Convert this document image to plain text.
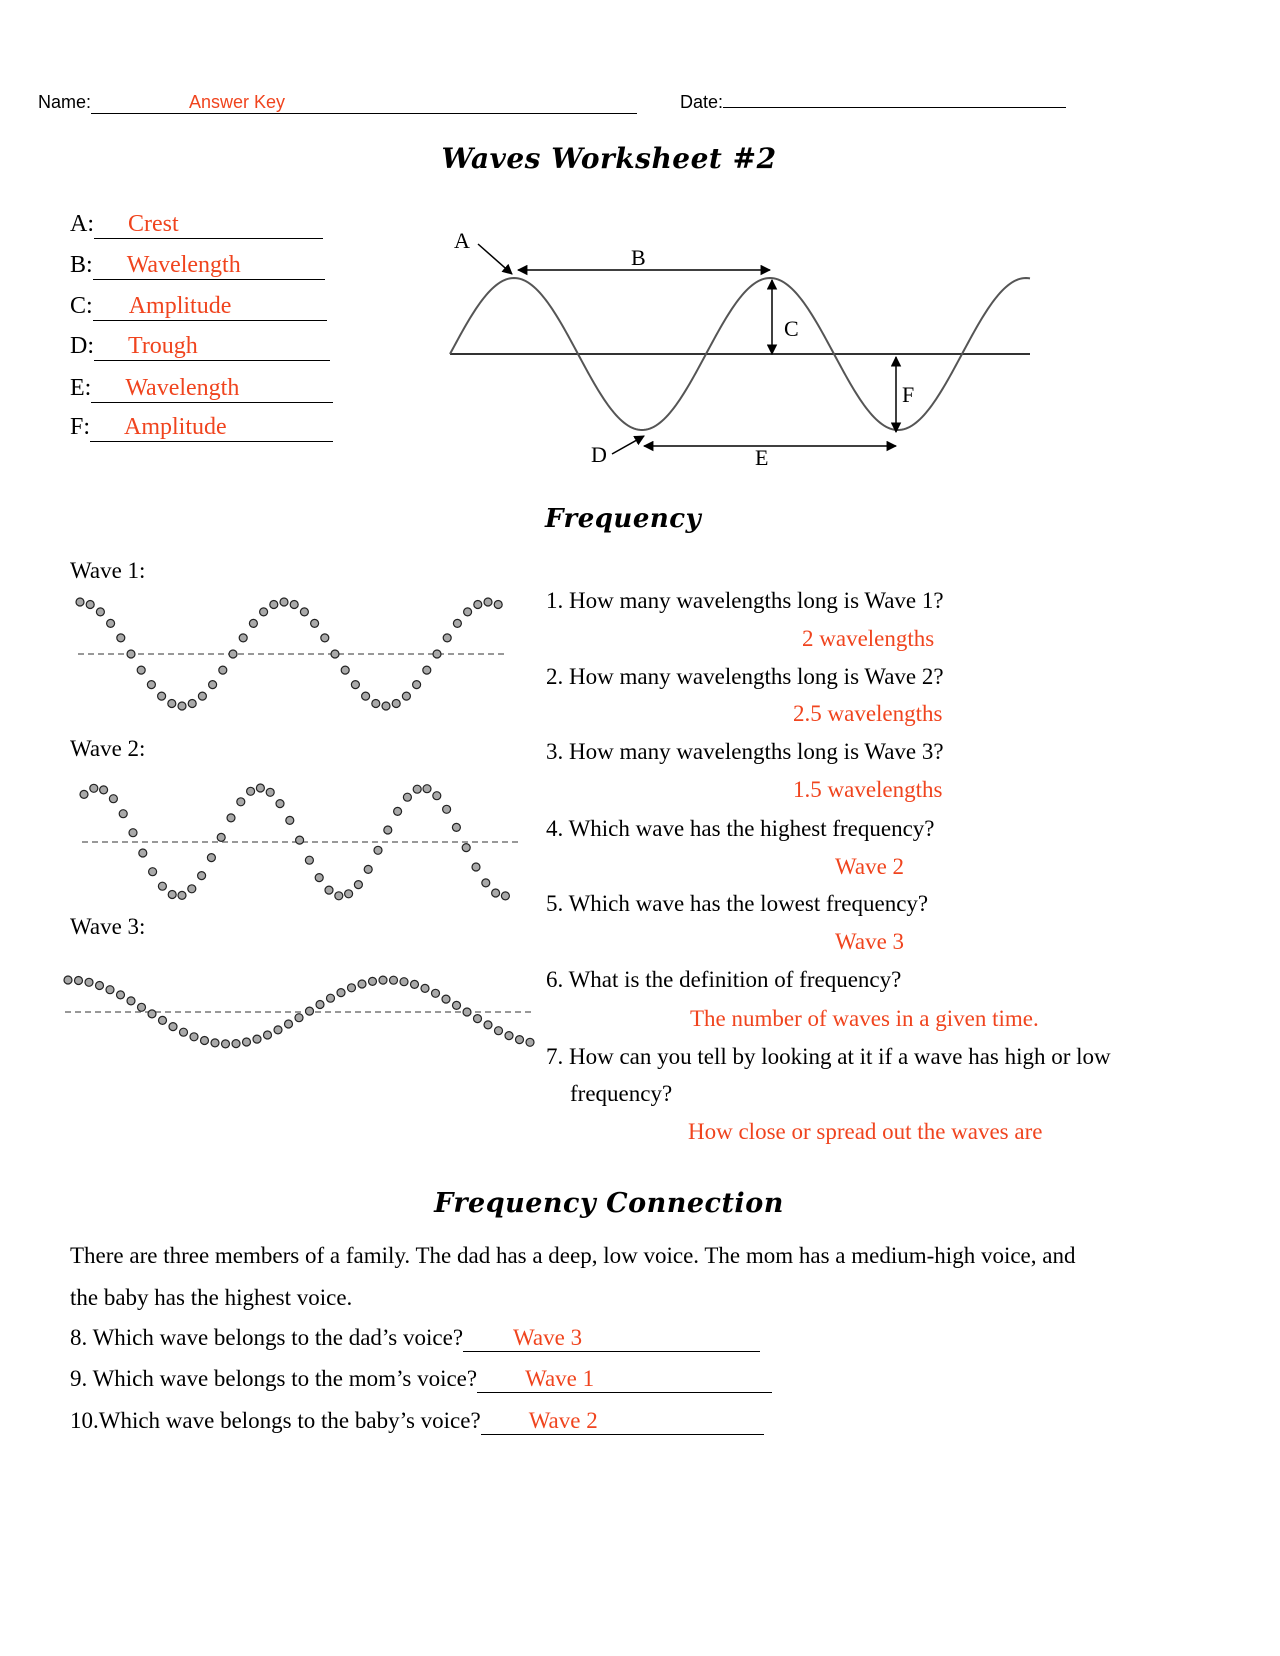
Name:	Answer Key	Date:
Waves Worksheet #2
A: Crest
B: Wavelength
C: Amplitude
D: Trough
E: Wavelength
F: Amplitude
A
B
C
F
D	E
Frequency
Wave 1:
Wave 2:
Wave 3:
1. How many wavelengths long is Wave 1?
2 wavelengths
2. How many wavelengths long is Wave 2?
2.5 wavelengths
3. How many wavelengths long is Wave 3?
1.5 wavelengths
4. Which wave has the highest frequency?
Wave 2
5. Which wave has the lowest frequency?
Wave 3
6. What is the definition of frequency?
The number of waves in a given time.
7. How can you tell by looking at it if a wave has high or low
frequency?
How close or spread out the waves are
Frequency Connection
There are three members of a family. The dad has a deep, low voice. The mom has a medium-high voice, and
the baby has the highest voice.
8. Which wave belongs to the dad’s voice? Wave 3
9. Which wave belongs to the mom’s voice? Wave 1
10.Which wave belongs to the baby’s voice? Wave 2
